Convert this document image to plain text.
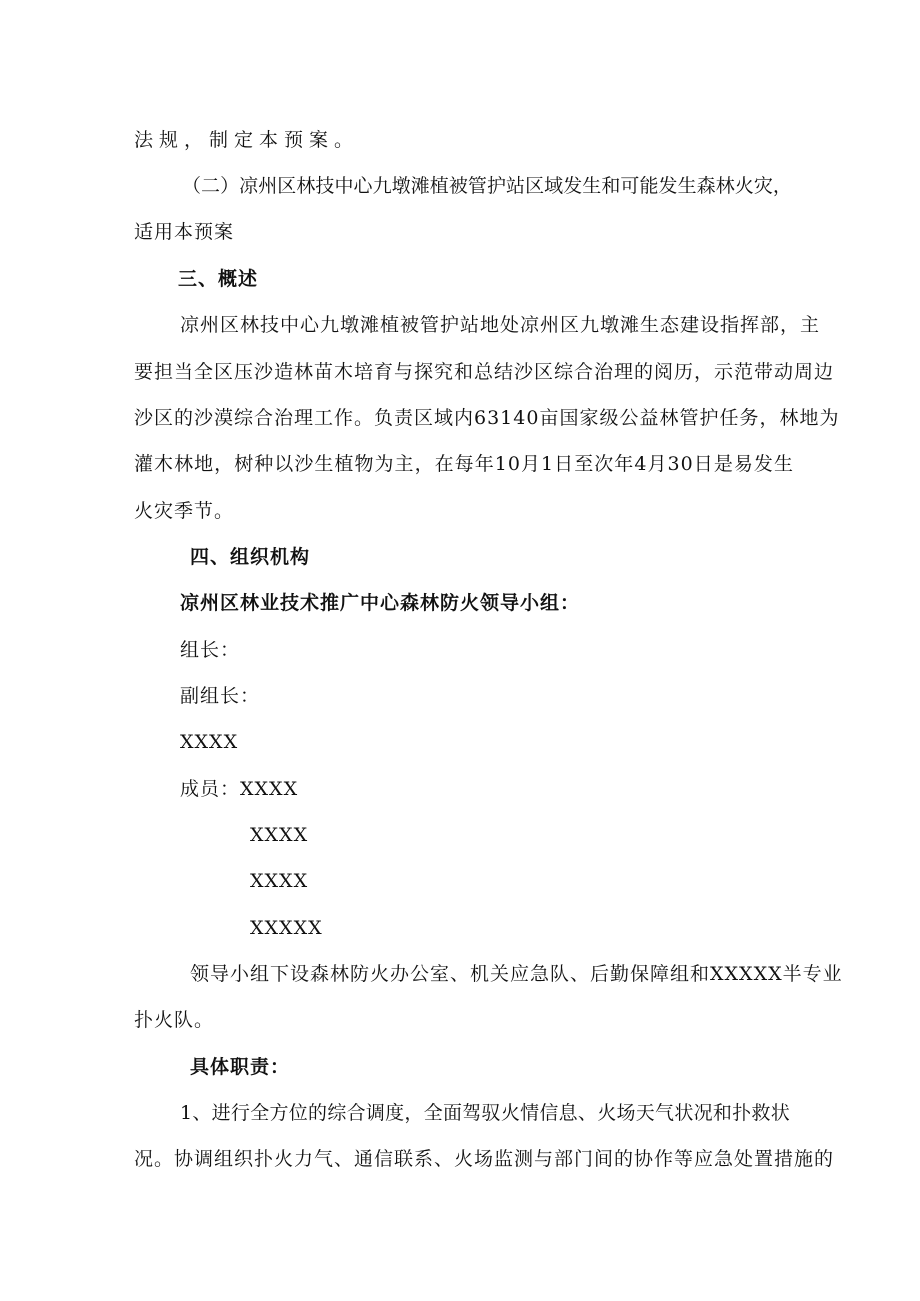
法规，制定本预案。
（二）凉州区林技中心九墩滩植被管护站区域发生和可能发生森林火灾，
适用本预案
三、概述
凉州区林技中心九墩滩植被管护站地处凉州区九墩滩生态建设指挥部，主
要担当全区压沙造林苗木培育与探究和总结沙区综合治理的阅历，示范带动周边
沙区的沙漠综合治理工作。负责区域内63140亩国家级公益林管护任务，林地为
灌木林地，树种以沙生植物为主，在每年10月1日至次年4月30日是易发生
火灾季节。
四、组织机构
凉州区林业技术推广中心森林防火领导小组：
组长：
副组长：
XXXX
成员：XXXX
XXXX
XXXX
XXXXX
领导小组下设森林防火办公室、机关应急队、后勤保障组和XXXXX半专业
扑火队。
具体职责：
1、进行全方位的综合调度，全面驾驭火情信息、火场天气状况和扑救状
况。协调组织扑火力气、通信联系、火场监测与部门间的协作等应急处置措施的
